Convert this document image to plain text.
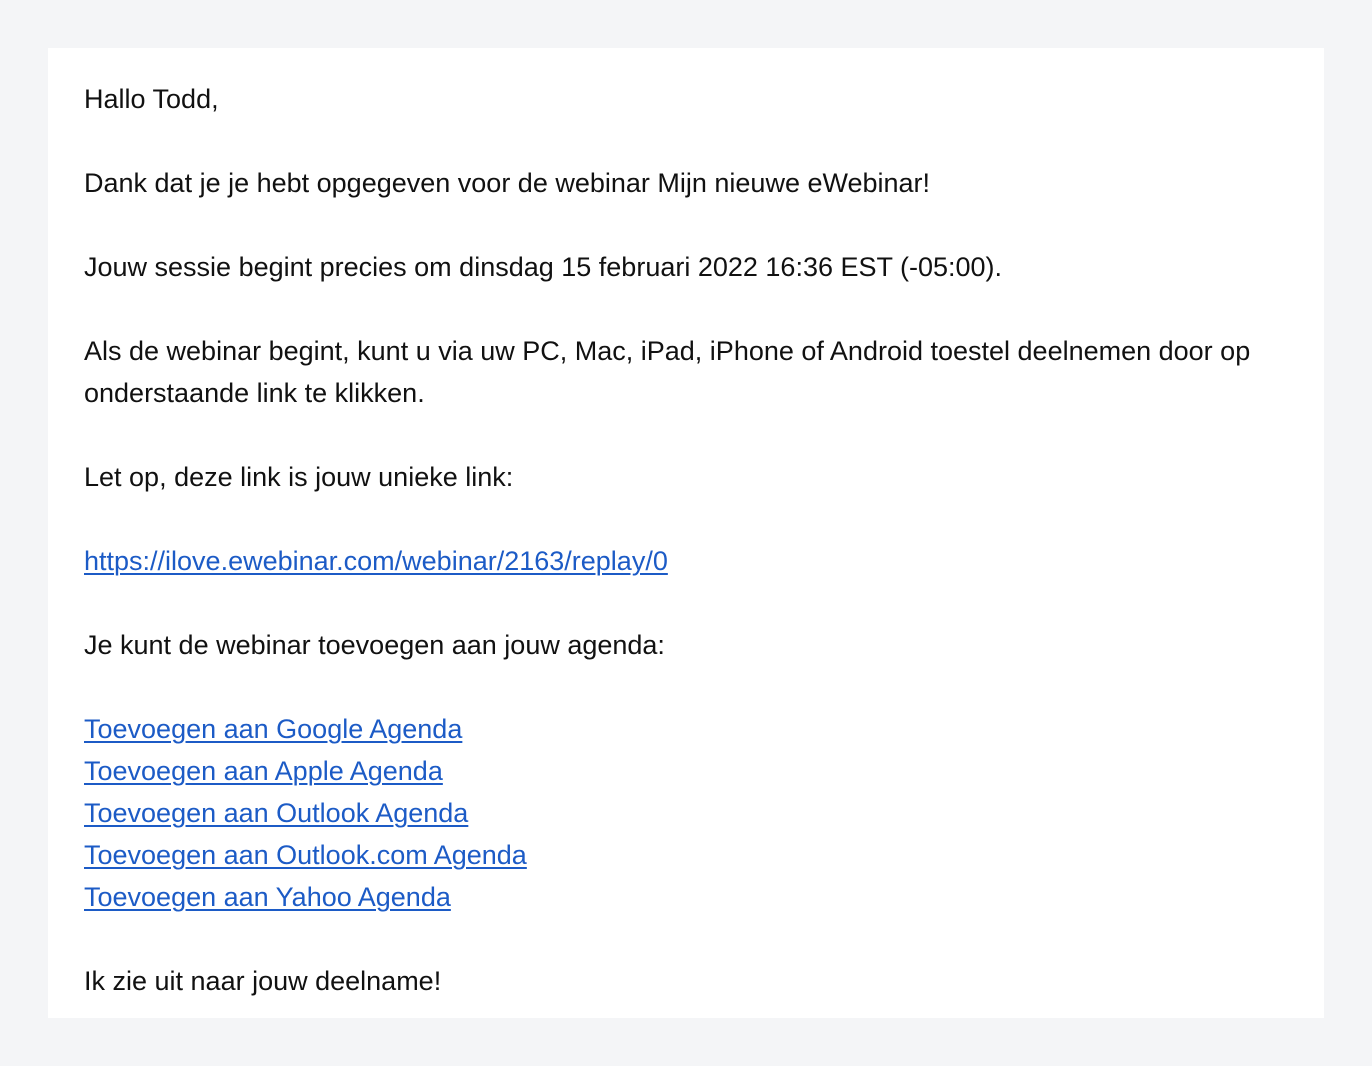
Hallo Todd,

Dank dat je je hebt opgegeven voor de webinar Mijn nieuwe eWebinar!

Jouw sessie begint precies om dinsdag 15 februari 2022 16:36 EST (-05:00).

Als de webinar begint, kunt u via uw PC, Mac, iPad, iPhone of Android toestel deelnemen door op onderstaande link te klikken.

Let op, deze link is jouw unieke link:

https://ilove.ewebinar.com/webinar/2163/replay/0

Je kunt de webinar toevoegen aan jouw agenda:

Toevoegen aan Google Agenda
Toevoegen aan Apple Agenda
Toevoegen aan Outlook Agenda
Toevoegen aan Outlook.com Agenda
Toevoegen aan Yahoo Agenda

Ik zie uit naar jouw deelname!
